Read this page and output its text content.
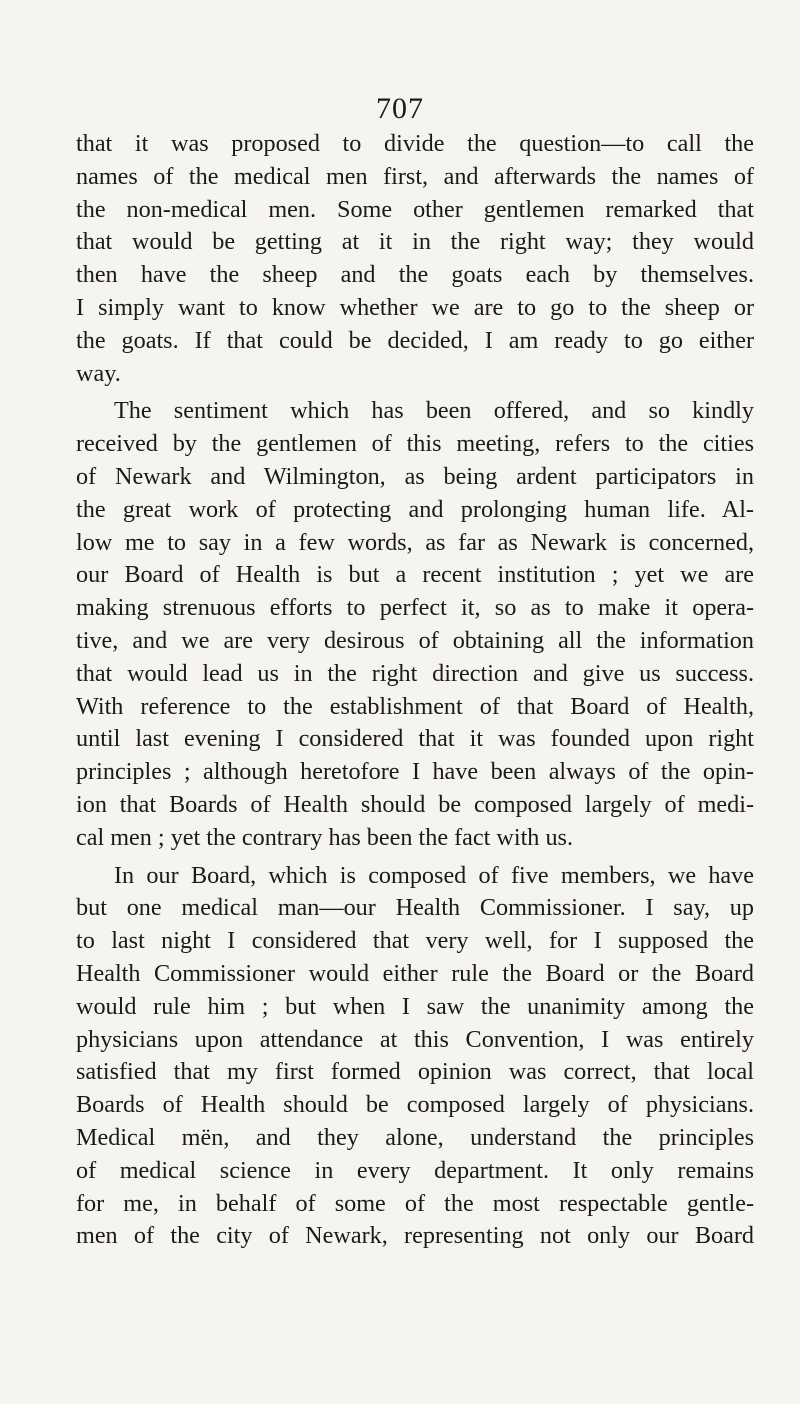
707
that it was proposed to divide the question—to call the
names of the medical men first, and afterwards the names of
the non-medical men. Some other gentlemen remarked that
that would be getting at it in the right way; they would
then have the sheep and the goats each by themselves.
I simply want to know whether we are to go to the sheep or
the goats. If that could be decided, I am ready to go either
way.
The sentiment which has been offered, and so kindly
received by the gentlemen of this meeting, refers to the cities
of Newark and Wilmington, as being ardent participators in
the great work of protecting and prolonging human life. Al-
low me to say in a few words, as far as Newark is concerned,
our Board of Health is but a recent institution ; yet we are
making strenuous efforts to perfect it, so as to make it opera-
tive, and we are very desirous of obtaining all the information
that would lead us in the right direction and give us success.
With reference to the establishment of that Board of Health,
until last evening I considered that it was founded upon right
principles ; although heretofore I have been always of the opin-
ion that Boards of Health should be composed largely of medi-
cal men ; yet the contrary has been the fact with us.
In our Board, which is composed of five members, we have
but one medical man—our Health Commissioner. I say, up
to last night I considered that very well, for I supposed the
Health Commissioner would either rule the Board or the Board
would rule him ; but when I saw the unanimity among the
physicians upon attendance at this Convention, I was entirely
satisfied that my first formed opinion was correct, that local
Boards of Health should be composed largely of physicians.
Medical mën, and they alone, understand the principles
of medical science in every department. It only remains
for me, in behalf of some of the most respectable gentle-
men of the city of Newark, representing not only our Board
